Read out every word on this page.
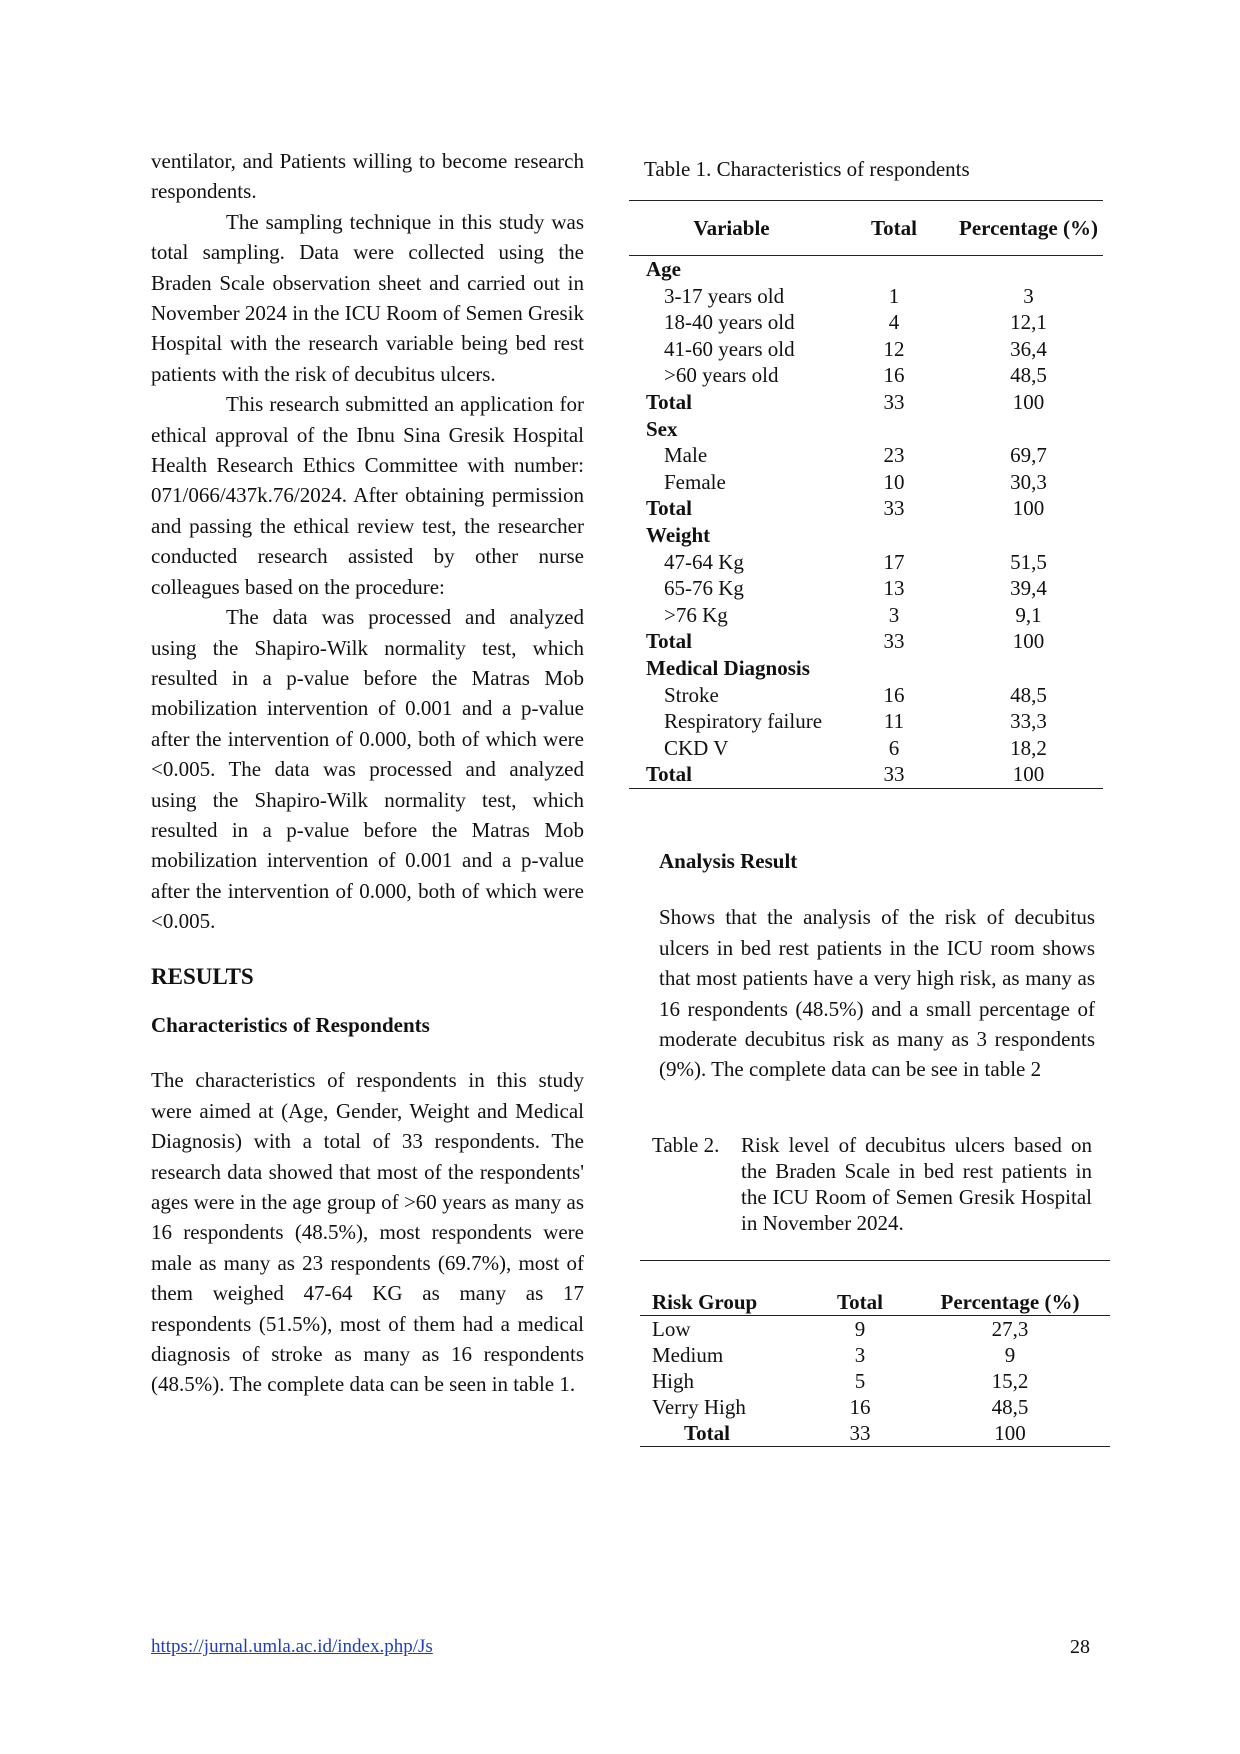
ventilator, and Patients willing to become research respondents.

The sampling technique in this study was total sampling. Data were collected using the Braden Scale observation sheet and carried out in November 2024 in the ICU Room of Semen Gresik Hospital with the research variable being bed rest patients with the risk of decubitus ulcers.

This research submitted an application for ethical approval of the Ibnu Sina Gresik Hospital Health Research Ethics Committee with number: 071/066/437k.76/2024. After obtaining permission and passing the ethical review test, the researcher conducted research assisted by other nurse colleagues based on the procedure:

The data was processed and analyzed using the Shapiro-Wilk normality test, which resulted in a p-value before the Matras Mob mobilization intervention of 0.001 and a p-value after the intervention of 0.000, both of which were <0.005. The data was processed and analyzed using the Shapiro-Wilk normality test, which resulted in a p-value before the Matras Mob mobilization intervention of 0.001 and a p-value after the intervention of 0.000, both of which were <0.005.

RESULTS

Characteristics of Respondents

The characteristics of respondents in this study were aimed at (Age, Gender, Weight and Medical Diagnosis) with a total of 33 respondents. The research data showed that most of the respondents' ages were in the age group of >60 years as many as 16 respondents (48.5%), most respondents were male as many as 23 respondents (69.7%), most of them weighed 47-64 KG as many as 17 respondents (51.5%), most of them had a medical diagnosis of stroke as many as 16 respondents (48.5%). The complete data can be seen in table 1.

Table 1. Characteristics of respondents
Variable	Total	Percentage (%)
Age		
3-17 years old	1	3
18-40 years old	4	12,1
41-60 years old	12	36,4
>60 years old	16	48,5
Total	33	100
Sex		
Male	23	69,7
Female	10	30,3
Total	33	100
Weight		
47-64 Kg	17	51,5
65-76 Kg	13	39,4
>76 Kg	3	9,1
Total	33	100
Medical Diagnosis		
Stroke	16	48,5
Respiratory failure	11	33,3
CKD V	6	18,2
Total	33	100

Analysis Result

Shows that the analysis of the risk of decubitus ulcers in bed rest patients in the ICU room shows that most patients have a very high risk, as many as 16 respondents (48.5%) and a small percentage of moderate decubitus risk as many as 3 respondents (9%). The complete data can be see in table 2

Table 2. Risk level of decubitus ulcers based on the Braden Scale in bed rest patients in the ICU Room of Semen Gresik Hospital in November 2024.
Risk Group	Total	Percentage (%)
Low	9	27,3
Medium	3	9
High	5	15,2
Verry High	16	48,5
Total	33	100
https://jurnal.umla.ac.id/index.php/Js	28
